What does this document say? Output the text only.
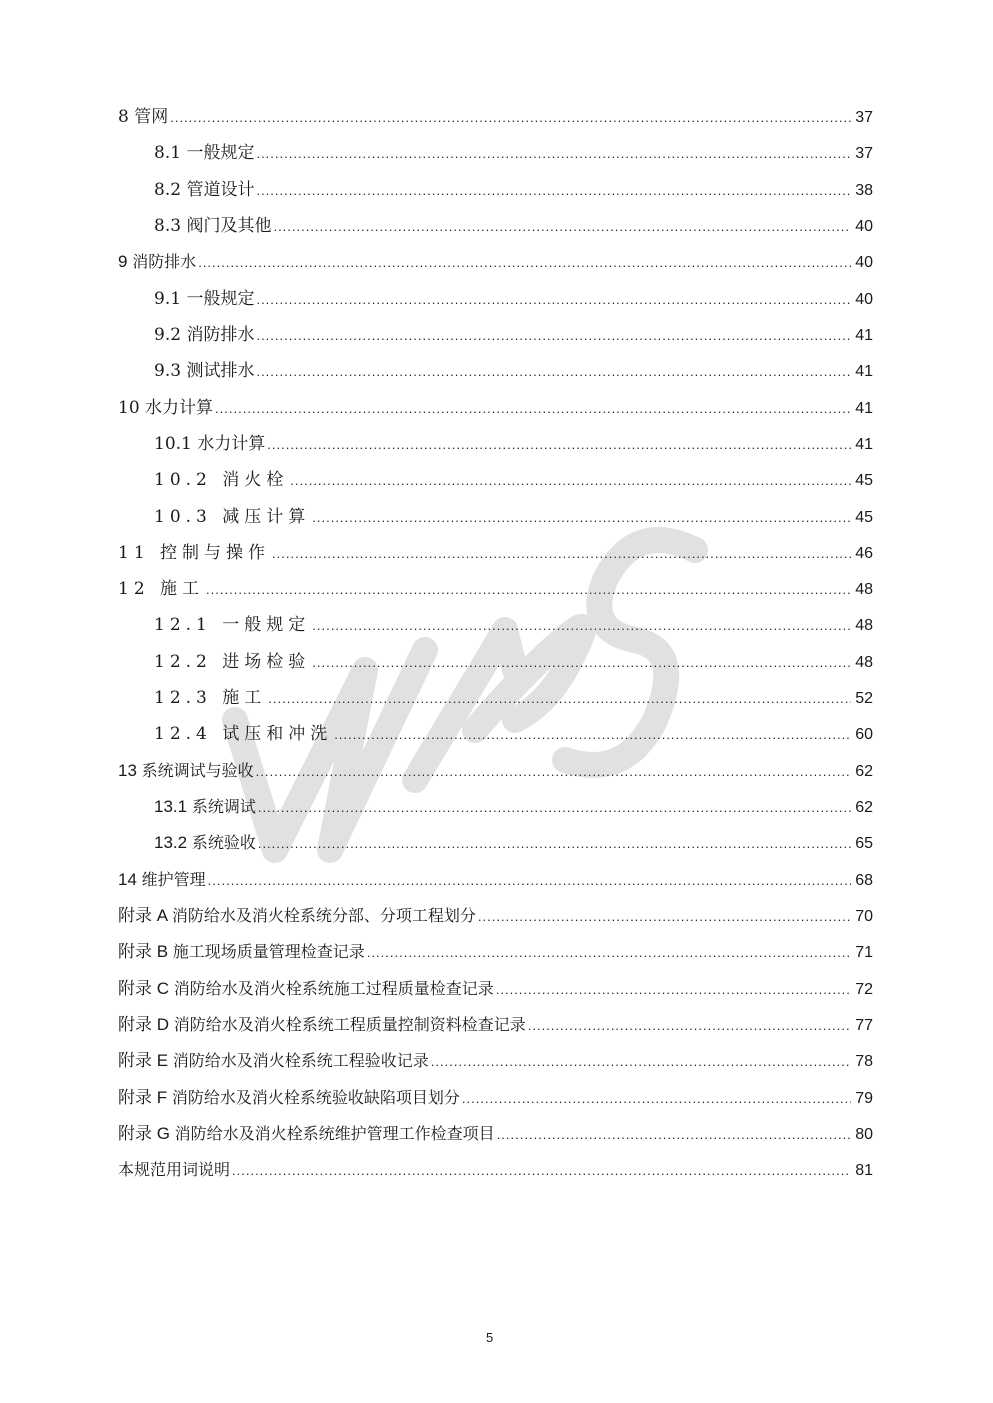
8 管网 .....	37
8.1 一般规定 .....	37
8.2 管道设计 .....	38
8.3 阀门及其他 .....	40
9 消防排水 .....	40
9.1 一般规定 .....	40
9.2 消防排水 .....	41
9.3 测试排水 .....	41
10 水力计算 .....	41
10.1 水力计算 .....	41
10.2 消火栓 .....	45
10.3 减压计算 .....	45
11 控制与操作 .....	46
12 施工 .....	48
12.1 一般规定 .....	48
12.2 进场检验 .....	48
12.3 施工 .....	52
12.4 试压和冲洗 .....	60
13 系统调试与验收 .....	62
13.1 系统调试 .....	62
13.2 系统验收 .....	65
14 维护管理 .....	68
附录 A 消防给水及消火栓系统分部、分项工程划分 .....	70
附录 B 施工现场质量管理检查记录 .....	71
附录 C 消防给水及消火栓系统施工过程质量检查记录 .....	72
附录 D 消防给水及消火栓系统工程质量控制资料检查记录 .....	77
附录 E 消防给水及消火栓系统工程验收记录 .....	78
附录 F 消防给水及消火栓系统验收缺陷项目划分 .....	79
附录 G 消防给水及消火栓系统维护管理工作检查项目 .....	80
本规范用词说明 .....	81
5
